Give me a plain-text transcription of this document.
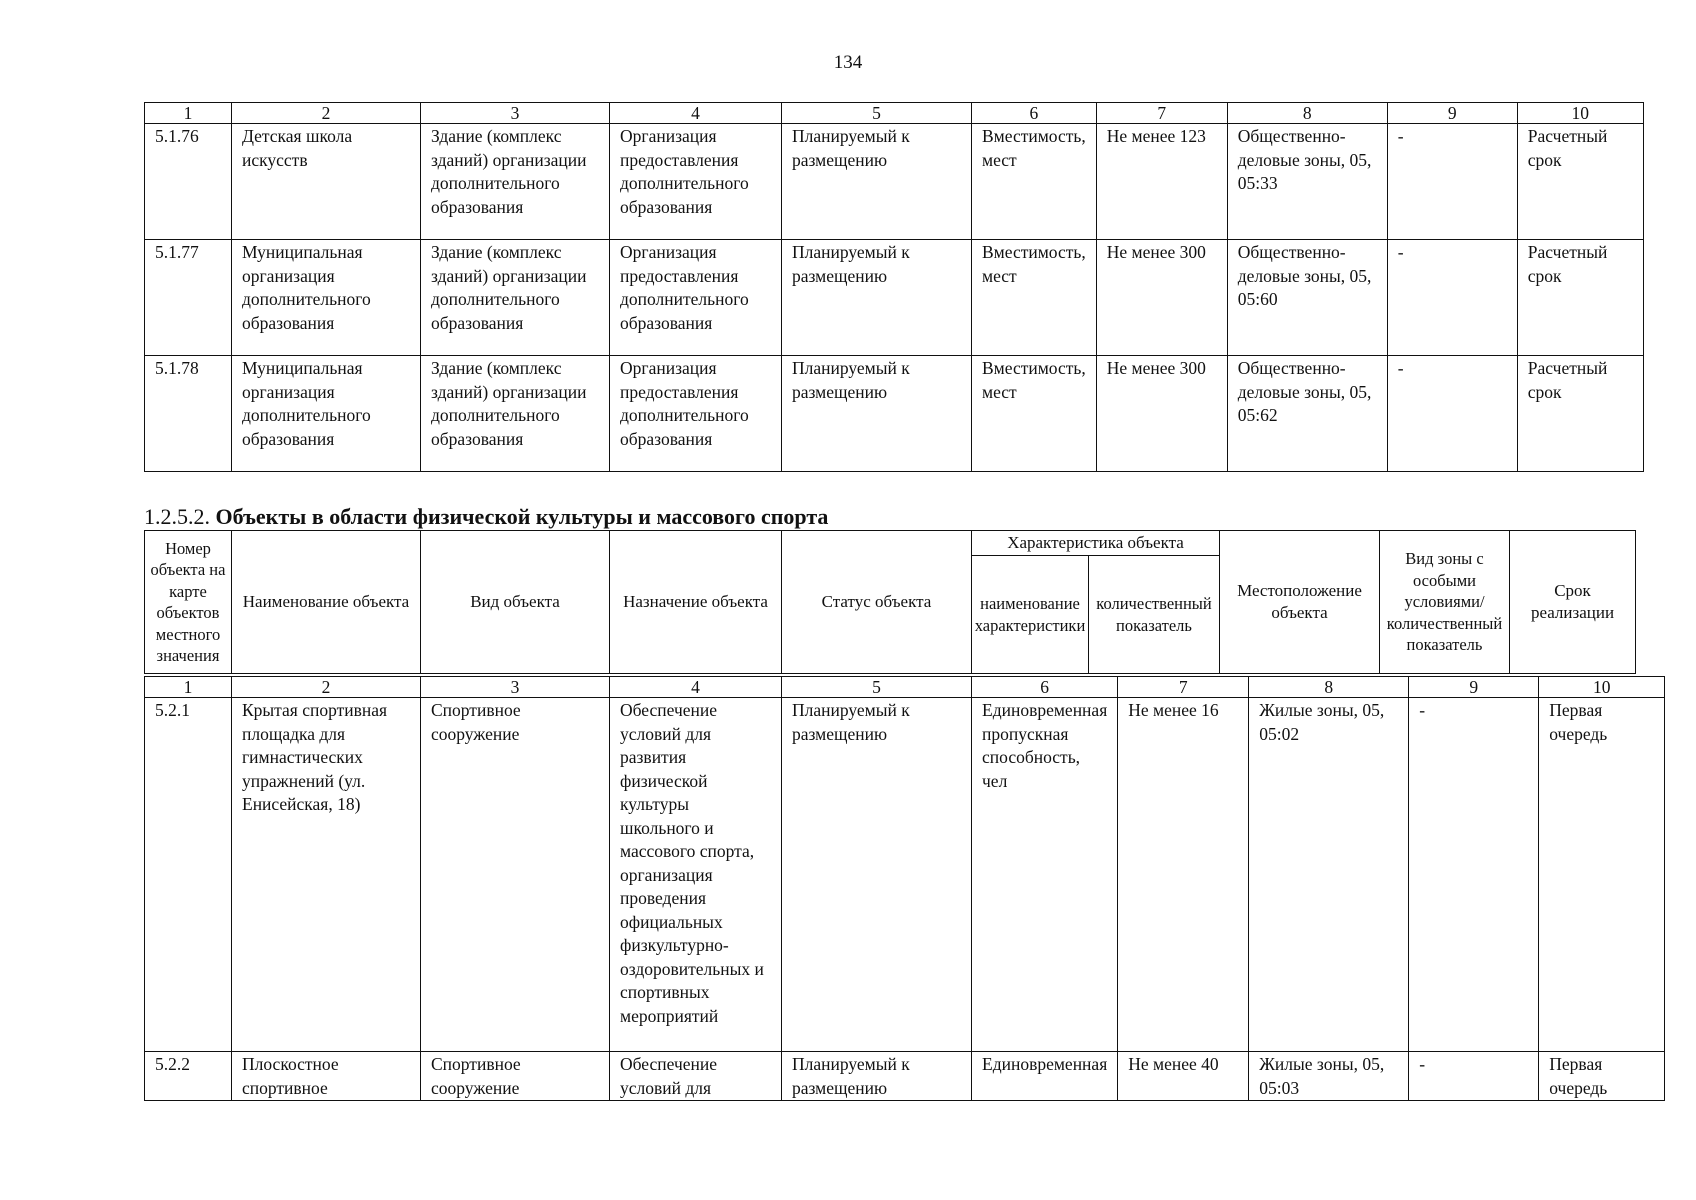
134
1	2	3	4	5	6	7	8	9	10
5.1.76	Детская школа искусств	Здание (комплекс зданий) организации дополнительного образования	Организация предоставления дополнительного образования	Планируемый к размещению	Вместимость, мест	Не менее 123	Общественно-деловые зоны, 05, 05:33	-	Расчетный срок
5.1.77	Муниципальная организация дополнительного образования	Здание (комплекс зданий) организации дополнительного образования	Организация предоставления дополнительного образования	Планируемый к размещению	Вместимость, мест	Не менее 300	Общественно-деловые зоны, 05, 05:60	-	Расчетный срок
5.1.78	Муниципальная организация дополнительного образования	Здание (комплекс зданий) организации дополнительного образования	Организация предоставления дополнительного образования	Планируемый к размещению	Вместимость, мест	Не менее 300	Общественно-деловые зоны, 05, 05:62	-	Расчетный срок
1.2.5.2. Объекты в области физической культуры и массового спорта
Номер объекта на карте объектов местного значения	Наименование объекта	Вид объекта	Назначение объекта	Статус объекта	Характеристика объекта		Местоположение объекта	Вид зоны с особыми условиями/ количественный показатель	Срок реализации
					наименование характеристики	количественный показатель			
1	2	3	4	5	6	7	8	9	10
5.2.1	Крытая спортивная площадка для гимнастических упражнений (ул. Енисейская, 18)	Спортивное сооружение	Обеспечение условий для развития физической культуры школьного и массового спорта, организация проведения официальных физкультурно-оздоровительных и спортивных мероприятий	Планируемый к размещению	Единовременная пропускная способность, чел	Не менее 16	Жилые зоны, 05, 05:02	-	Первая очередь
5.2.2	Плоскостное спортивное	Спортивное сооружение	Обеспечение условий для	Планируемый к размещению	Единовременная	Не менее 40	Жилые зоны, 05, 05:03	-	Первая очередь
